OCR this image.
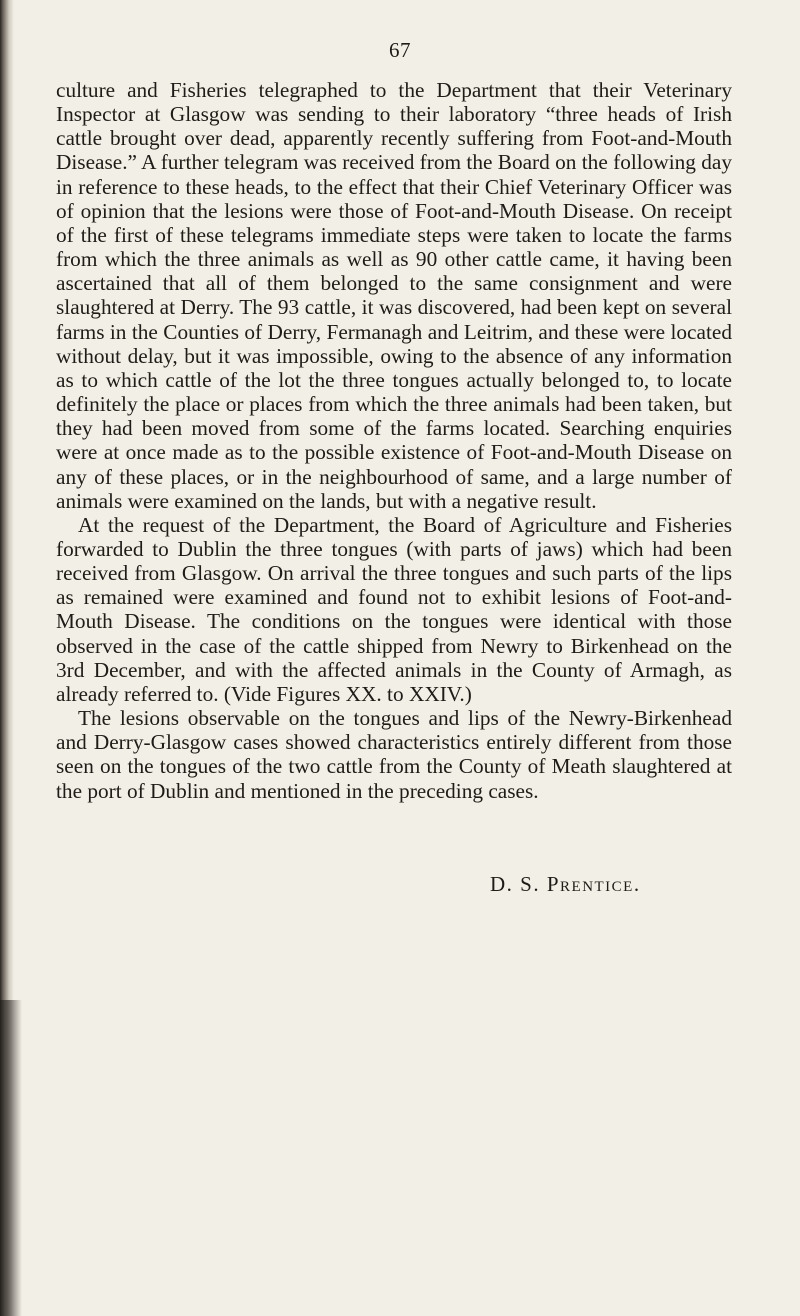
67

culture and Fisheries telegraphed to the Department that their Veterinary Inspector at Glasgow was sending to their laboratory “three heads of Irish cattle brought over dead, apparently recently suffering from Foot-and-Mouth Disease.” A further telegram was received from the Board on the following day in reference to these heads, to the effect that their Chief Veterinary Officer was of opinion that the lesions were those of Foot-and-Mouth Disease. On receipt of the first of these telegrams immediate steps were taken to locate the farms from which the three animals as well as 90 other cattle came, it having been ascertained that all of them belonged to the same consignment and were slaughtered at Derry. The 93 cattle, it was discovered, had been kept on several farms in the Counties of Derry, Fermanagh and Leitrim, and these were located without delay, but it was impossible, owing to the absence of any information as to which cattle of the lot the three tongues actually belonged to, to locate definitely the place or places from which the three animals had been taken, but they had been moved from some of the farms located. Searching enquiries were at once made as to the possible existence of Foot-and-Mouth Disease on any of these places, or in the neighbourhood of same, and a large number of animals were examined on the lands, but with a negative result.

At the request of the Department, the Board of Agriculture and Fisheries forwarded to Dublin the three tongues (with parts of jaws) which had been received from Glasgow. On arrival the three tongues and such parts of the lips as remained were examined and found not to exhibit lesions of Foot-and-Mouth Disease. The conditions on the tongues were identical with those observed in the case of the cattle shipped from Newry to Birkenhead on the 3rd December, and with the affected animals in the County of Armagh, as already referred to. (Vide Figures XX. to XXIV.)

The lesions observable on the tongues and lips of the Newry-Birkenhead and Derry-Glasgow cases showed characteristics entirely different from those seen on the tongues of the two cattle from the County of Meath slaughtered at the port of Dublin and mentioned in the preceding cases.

D. S. Prentice.
